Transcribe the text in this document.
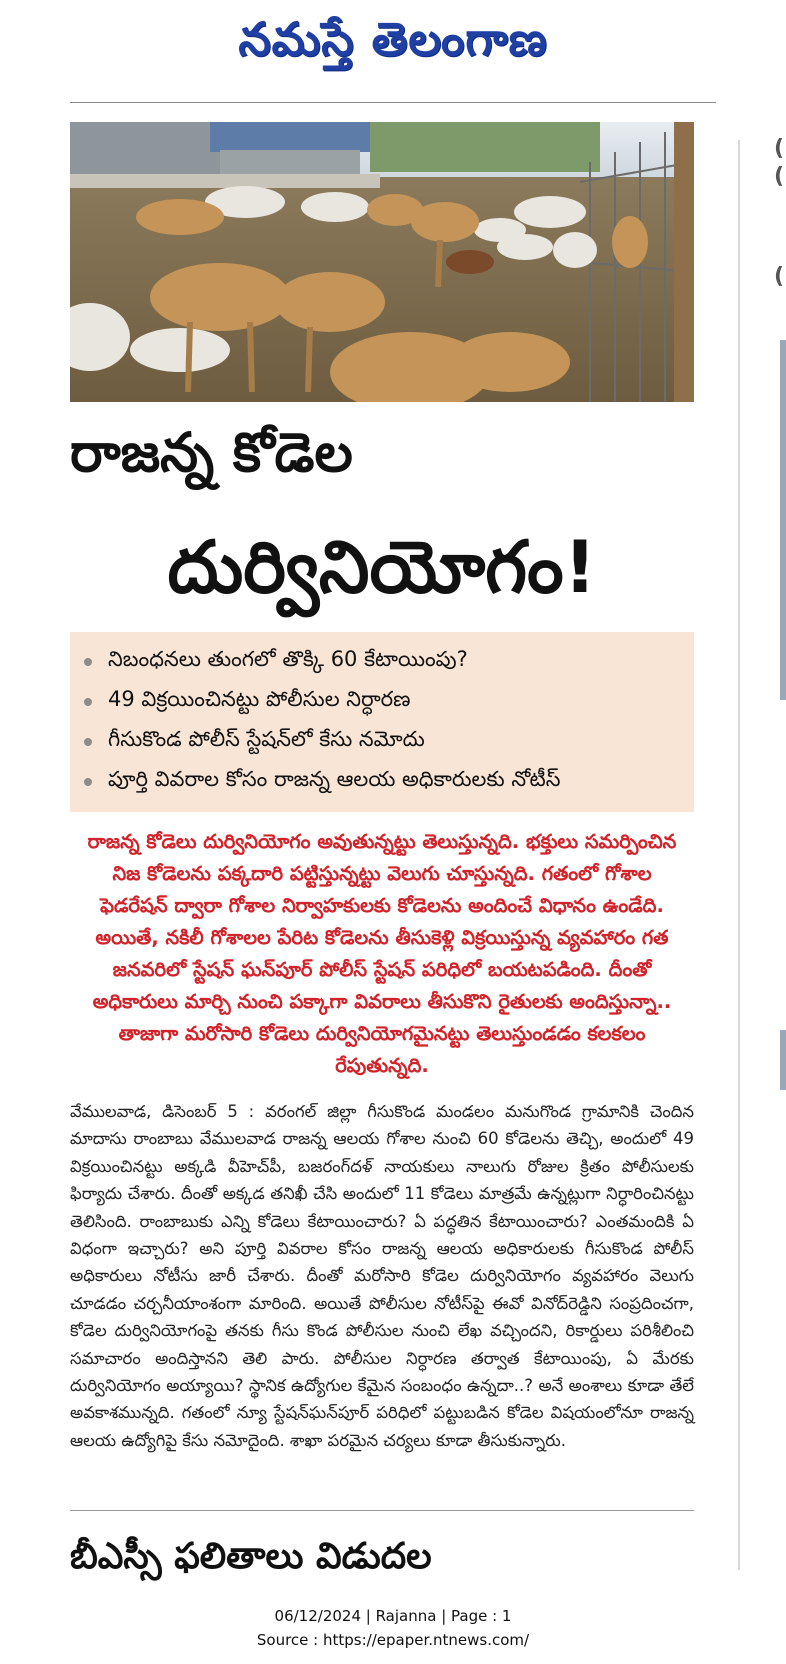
నమస్తే తెలంగాణ
(
(
(
రాజన్న కోడెల
దుర్వినియోగం!
నిబంధనలు తుంగలో తొక్కి 60 కేటాయింపు?
49 విక్రయించినట్టు పోలీసుల నిర్ధారణ
గీసుకొండ పోలీస్ స్టేషన్‌లో కేసు నమోదు
పూర్తి వివరాల కోసం రాజన్న ఆలయ అధికారులకు నోటీస్
రాజన్న కోడెలు దుర్వినియోగం అవుతున్నట్టు తెలుస్తున్నది. భక్తులు సమర్పించిన నిజ కోడెలను పక్కదారి పట్టిస్తున్నట్టు వెలుగు చూస్తున్నది. గతంలో గోశాల ఫెడరేషన్ ద్వారా గోశాల నిర్వాహకులకు కోడెలను అందించే విధానం ఉండేది. అయితే, నకిలీ గోశాలల పేరిట కోడెలను తీసుకెళ్లి విక్రయిస్తున్న వ్యవహారం గత జనవరిలో స్టేషన్ ఘన్‌పూర్ పోలీస్ స్టేషన్ పరిధిలో బయటపడింది. దీంతో అధికారులు మార్చి నుంచి పక్కాగా వివరాలు తీసుకొని రైతులకు అందిస్తున్నా.. తాజాగా మరోసారి కోడెలు దుర్వినియోగమైనట్టు తెలుస్తుండడం కలకలం రేపుతున్నది.
వేములవాడ, డిసెంబర్ 5 : వరంగల్ జిల్లా గీసుకొండ మండలం మనుగొండ గ్రామానికి చెందిన మాదాసు రాంబాబు వేములవాడ రాజన్న ఆలయ గోశాల నుంచి 60 కోడెలను తెచ్చి, అందులో 49 విక్రయించినట్టు అక్కడి వీహెచ్‌పీ, బజరంగ్‌దళ్ నాయకులు నాలుగు రోజుల క్రితం పోలీసులకు ఫిర్యాదు చేశారు. దీంతో అక్కడ తనిఖీ చేసి అందులో 11 కోడెలు మాత్రమే ఉన్నట్లుగా నిర్ధారించినట్టు తెలిసింది. రాంబాబుకు ఎన్ని కోడెలు కేటాయించారు? ఏ పద్ధతిన కేటాయించారు? ఎంతమందికి ఏ విధంగా ఇచ్చారు? అని పూర్తి వివరాల కోసం రాజన్న ఆలయ అధికారులకు గీసుకొండ పోలీస్ అధికారులు నోటీసు జారీ చేశారు. దీంతో మరోసారి కోడెల దుర్వినియోగం వ్యవహారం వెలుగు చూడడం చర్చనీయాంశంగా మారింది. అయితే పోలీసుల నోటీస్‌పై ఈవో వినోద్‌రెడ్డిని సంప్రదించగా, కోడెల దుర్వినియోగంపై తనకు గీసు కొండ పోలీసుల నుంచి లేఖ వచ్చిందని, రికార్డులు పరిశీలించి సమాచారం అందిస్తానని తెలి పారు. పోలీసుల నిర్ధారణ తర్వాత కేటాయింపు, ఏ మేరకు దుర్వినియోగం అయ్యాయి? స్థానిక ఉద్యోగుల కేమైన సంబంధం ఉన్నదా..? అనే అంశాలు కూడా తేలే అవకాశమున్నది. గతంలో న్యూ స్టేషన్‌ఘన్‌పూర్ పరిధిలో పట్టుబడిన కోడెల విషయంలోనూ రాజన్న ఆలయ ఉద్యోగిపై కేసు నమోదైంది. శాఖా పరమైన చర్యలు కూడా తీసుకున్నారు.
బీఎస్సీ ఫలితాలు విడుదల
06/12/2024 | Rajanna | Page : 1
Source : https://epaper.ntnews.com/
